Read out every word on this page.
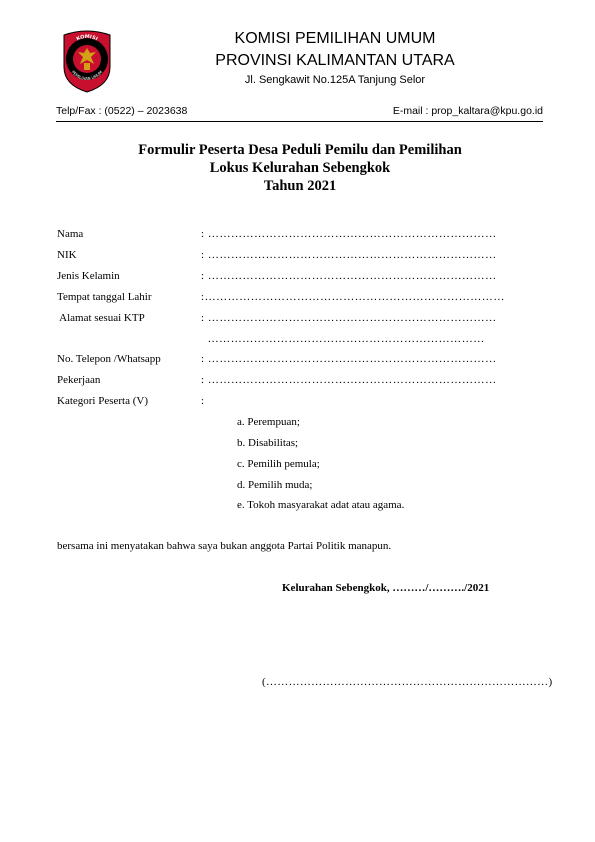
KOMISI
PEMILIHAN UMUM
KOMISI PEMILIHAN UMUM
PROVINSI KALIMANTAN UTARA
Jl. Sengkawit No.125A Tanjung Selor
Telp/Fax : (0522) – 2023638	E-mail : prop_kaltara@kpu.go.id
Formulir Peserta Desa Peduli Pemilu dan Pemilihan
Lokus Kelurahan Sebengkok
Tahun 2021
Nama	: …………………………………………………………………
NIK	: …………………………………………………………………
Jenis Kelamin	: …………………………………………………………………
Tempat tanggal Lahir	:……………………………………………………………………
Alamat sesuai KTP	: …………………………………………………………………
………………………………………………………………
No. Telepon /Whatsapp	: …………………………………………………………………
Pekerjaan	: …………………………………………………………………
Kategori Peserta (V)	:
a. Perempuan;
b. Disabilitas;
c. Pemilih pemula;
d. Pemilih muda;
e. Tokoh masyarakat adat atau agama.
bersama ini menyatakan bahwa saya bukan anggota Partai Politik manapun.
Kelurahan Sebengkok, ………/………./2021
(…………………………………………………………………)
